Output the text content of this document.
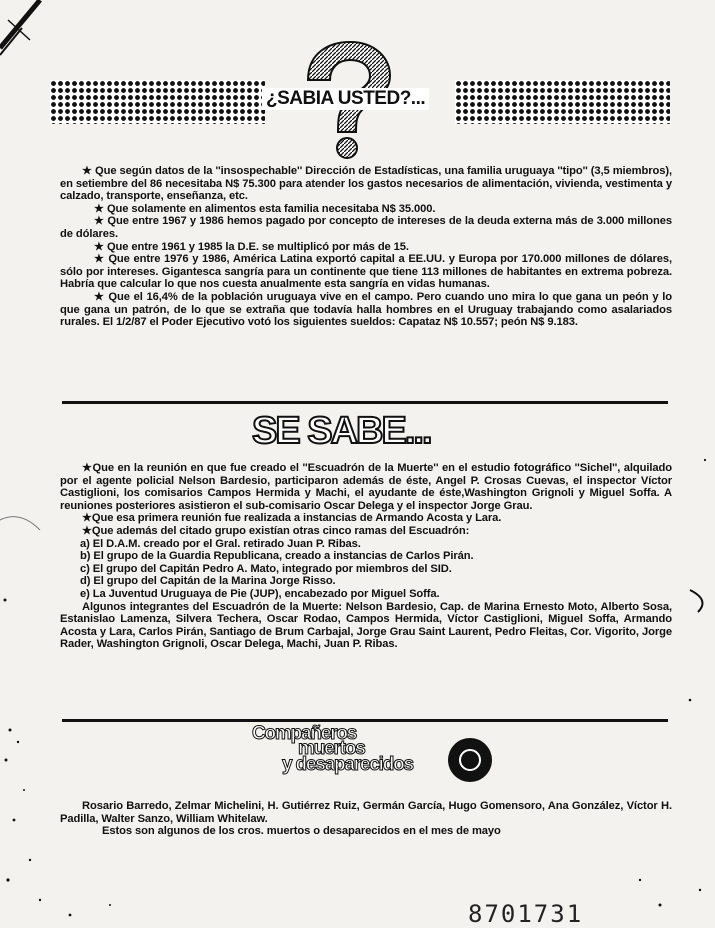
¿SABIA USTED?...

★ Que según datos de la ''insospechable'' Dirección de Estadísticas, una familia uruguaya ''tipo'' (3,5 miembros), en setiembre del 86 necesitaba N$ 75.300 para atender los gastos necesarios de alimentación, vivienda, vestimenta y calzado, transporte, enseñanza, etc.

★ Que solamente en alimentos esta familia necesitaba N$ 35.000.

★ Que entre 1967 y 1986 hemos pagado por concepto de intereses de la deuda externa más de 3.000 millones de dólares.

★ Que entre 1961 y 1985 la D.E. se multiplicó por más de 15.

★ Que entre 1976 y 1986, América Latina exportó capital a EE.UU. y Europa por 170.000 millones de dólares, sólo por intereses. Gigantesca sangría para un continente que tiene 113 millones de habitantes en extrema pobreza. Habría que calcular lo que nos cuesta anualmente esta sangría en vidas humanas.

★ Que el 16,4% de la población uruguaya vive en el campo. Pero cuando uno mira lo que gana un peón y lo que gana un patrón, de lo que se extraña que todavía halla hombres en el Uruguay trabajando como asalariados rurales. El 1/2/87 el Poder Ejecutivo votó los siguientes sueldos: Capataz N$ 10.557; peón N$ 9.183.

SE SABE...

★Que en la reunión en que fue creado el ''Escuadrón de la Muerte'' en el estudio fotográfico ''Sichel'', alquilado por el agente policial Nelson Bardesio, participaron además de éste, Angel P. Crosas Cuevas, el inspector Víctor Castiglioni, los comisarios Campos Hermida y Machi, el ayudante de éste,Washington Grignoli y Miguel Soffa. A reuniones posteriores asistieron el sub-comisario Oscar Delega y el inspector Jorge Grau.

★Que esa primera reunión fue realizada a instancias de Armando Acosta y Lara.

★Que además del citado grupo existían otras cinco ramas del Escuadrón:

a) El D.A.M. creado por el Gral. retirado Juan P. Ribas.

b) El grupo de la Guardia Republicana, creado a instancias de Carlos Pirán.

c) El grupo del Capitán Pedro A. Mato, integrado por miembros del SID.

d) El grupo del Capitán de la Marina Jorge Risso.

e) La Juventud Uruguaya de Pie (JUP), encabezado por Miguel Soffa.

Algunos integrantes del Escuadrón de la Muerte: Nelson Bardesio, Cap. de Marina Ernesto Moto, Alberto Sosa, Estanislao Lamenza, Silvera Techera, Oscar Rodao, Campos Hermida, Víctor Castiglioni, Miguel Soffa, Armando Acosta y Lara, Carlos Pirán, Santiago de Brum Carbajal, Jorge Grau Saint Laurent, Pedro Fleitas, Cor. Vigorito, Jorge Rader, Washington Grignoli, Oscar Delega, Machi, Juan P. Ribas.

Compañeros
muertos
y desaparecidos

Rosario Barredo, Zelmar Michelini, H. Gutiérrez Ruiz, Germán García, Hugo Gomensoro, Ana González, Víctor H. Padilla, Walter Sanzo, William Whitelaw.

Estos son algunos de los cros. muertos o desaparecidos en el mes de mayo

8701731
